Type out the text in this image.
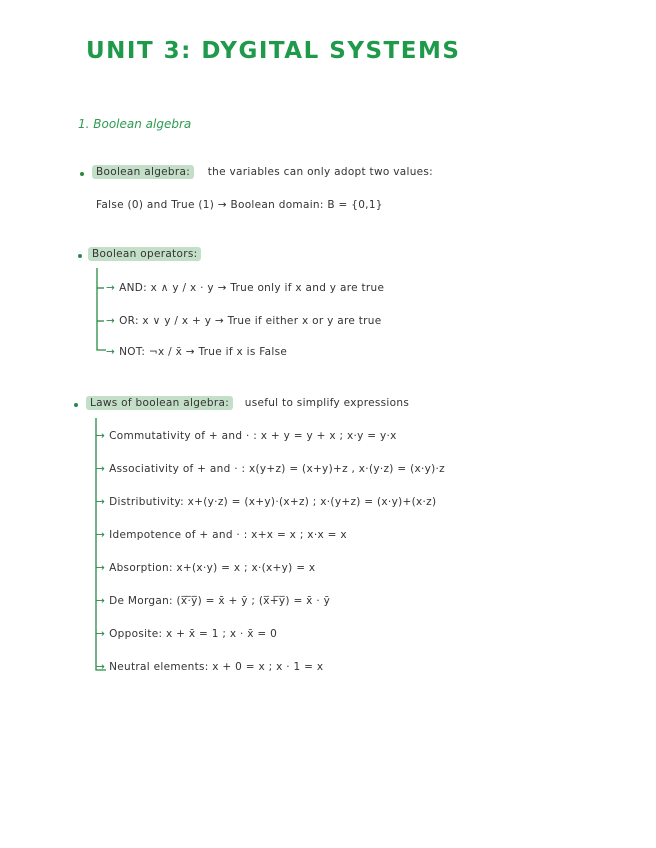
UNIT 3: DYGITAL SYSTEMS
1. Boolean algebra
Boolean algebra: the variables can only adopt two values:
False (0) and True (1) → Boolean domain: B = {0,1}
Boolean operators:
→ AND: x ∧ y / x · y → True only if x and y are true
→ OR: x ∨ y / x + y → True if either x or y are true
→ NOT: ¬x / x̄ → True if x is False
Laws of boolean algebra: useful to simplify expressions
→ Commutativity of + and · : x + y = y + x ; x·y = y·x
→ Associativity of + and · : x(y+z) = (x+y)+z , x·(y·z) = (x·y)·z
→ Distributivity: x+(y·z) = (x+y)·(x+z) ; x·(y+z) = (x·y)+(x·z)
→ Idempotence of + and · : x+x = x ; x·x = x
→ Absorption: x+(x·y) = x ; x·(x+y) = x
→ De Morgan: (x̅·̅y̅) = x̄ + ȳ ; (x̅+̅y̅) = x̄ · ȳ
→ Opposite: x + x̄ = 1 ; x · x̄ = 0
→ Neutral elements: x + 0 = x ; x · 1 = x
